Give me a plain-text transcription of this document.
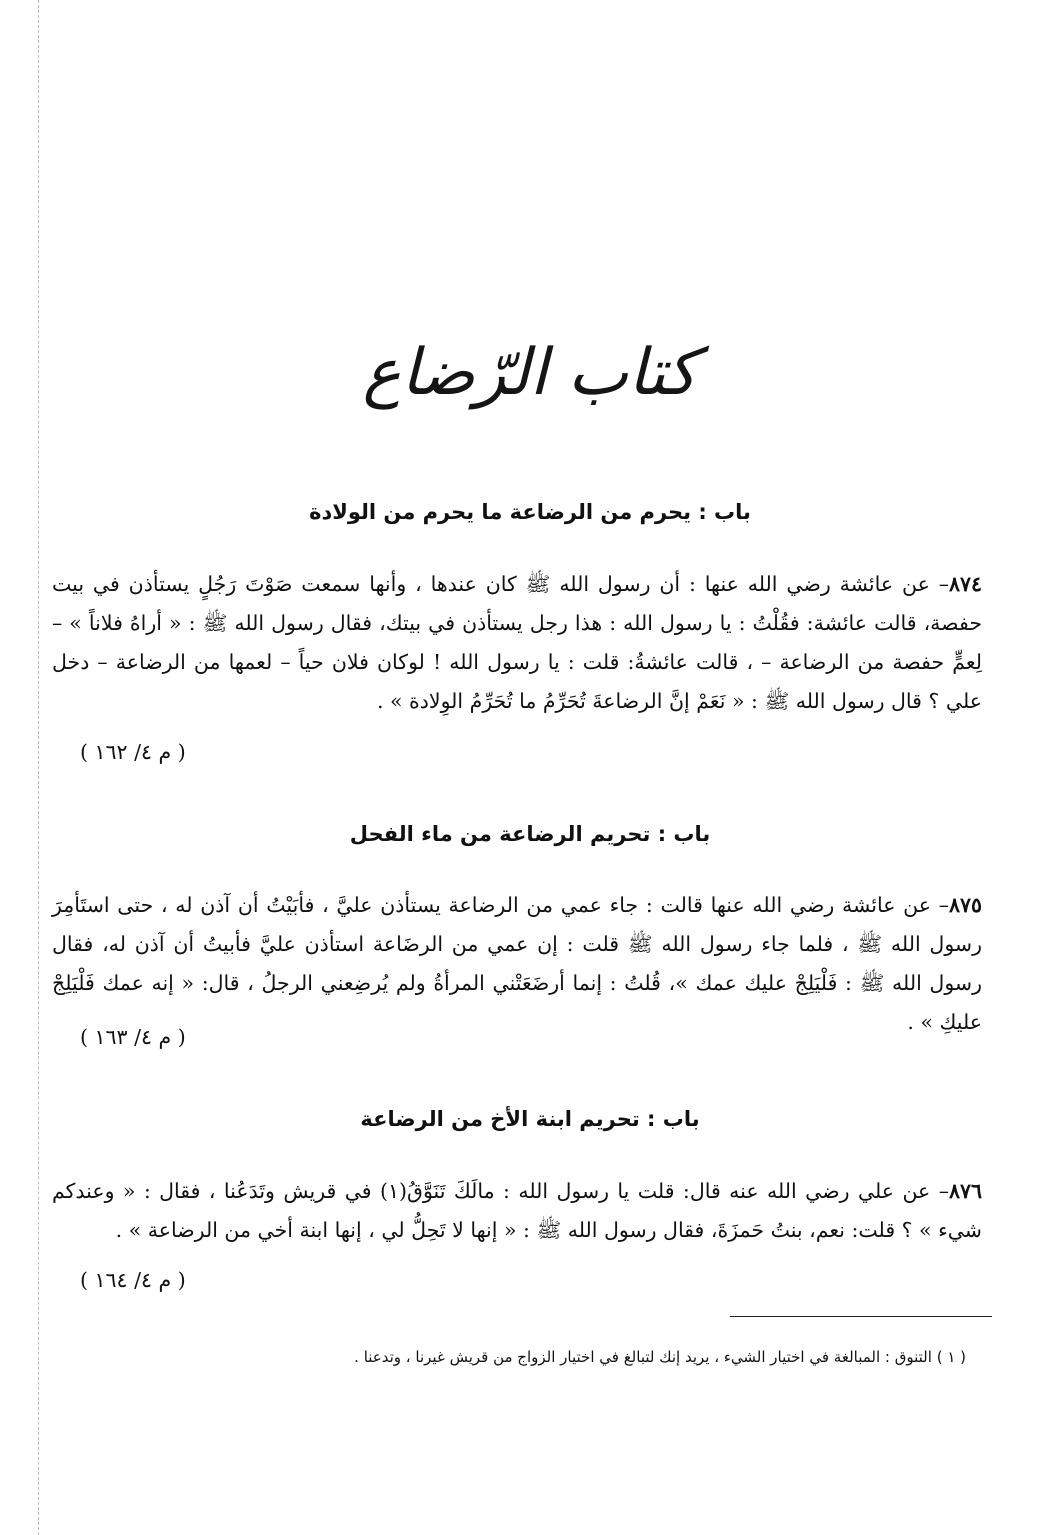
كتاب الرّضاع
باب : يحرم من الرضاعة ما يحرم من الولادة
٨٧٤– عن عائشة رضي الله عنها : أن رسول الله ﷺ كان عندها ، وأنها سمعت صَوْتَ رَجُلٍ يستأذن في بيت حفصة، قالت عائشة: فقُلْتُ : يا رسول الله : هذا رجل يستأذن في بيتك، فقال رسول الله ﷺ : « أراهُ فلاناً » – لِعمٍّ حفصة من الرضاعة – ، قالت عائشةُ: قلت : يا رسول الله ! لوكان فلان حياً – لعمها من الرضاعة – دخل علي ؟ قال رسول الله ﷺ : « نَعَمْ إنَّ الرضاعةَ تُحَرِّمُ ما تُحَرِّمُ الوِلادة » .
( م ٤/ ١٦٢ )
باب : تحريم الرضاعة من ماء الفحل
٨٧٥– عن عائشة رضي الله عنها قالت : جاء عمي من الرضاعة يستأذن عليَّ ، فأبَيْتُ أن آذن له ، حتى استَأمِرَ رسول الله ﷺ ، فلما جاء رسول الله ﷺ قلت : إن عمي من الرضَاعة استأذن عليَّ فأبيتُ أن آذن له، فقال رسول الله ﷺ : فَلْيَلِجْ عليك عمك »، قُلتُ : إنما أرضَعَتْني المرأةُ ولم يُرضِعني الرجلُ ، قال: « إنه عمك فَلْيَلِجْ عليكِ » .
( م ٤/ ١٦٣ )
باب : تحريم ابنة الأخ من الرضاعة
٨٧٦– عن علي رضي الله عنه قال: قلت يا رسول الله : مالَكَ تَنَوَّقُ(١) في قريش وتَدَعُنا ، فقال : « وعندكم شيء » ؟ قلت: نعم، بنتُ حَمزَةَ، فقال رسول الله ﷺ : « إنها لا تَحِلُّ لي ، إنها ابنة أخي من الرضاعة » .
( م ٤/ ١٦٤ )
( ١ ) التنوق : المبالغة في اختيار الشيء ، يريد إنك لتبالغ في اختيار الزواج من قريش غيرنا ، وتدعنا .
